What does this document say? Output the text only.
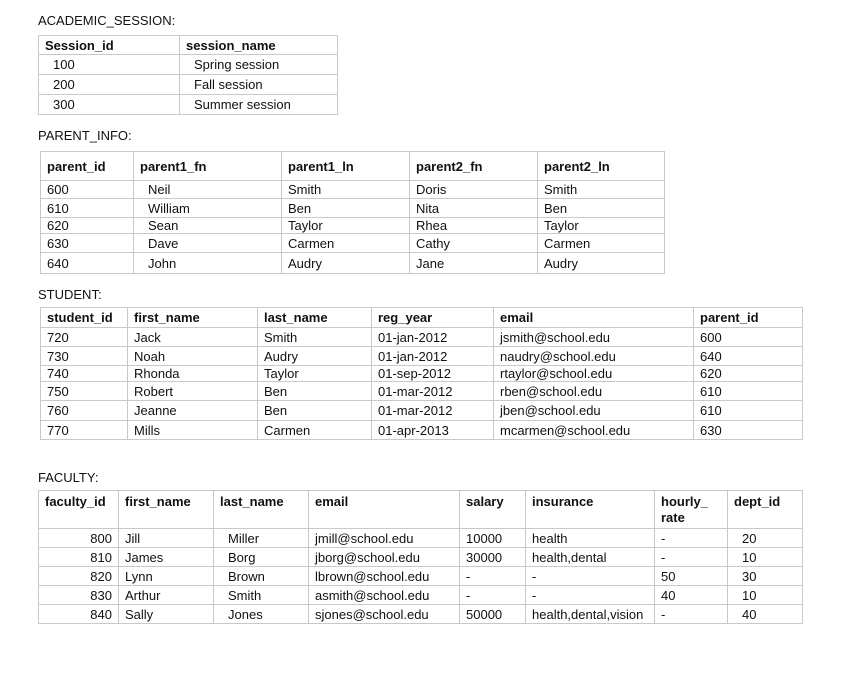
ACADEMIC_SESSION:
Session_id	session_name
100	Spring session
200	Fall session
300	Summer session
PARENT_INFO:
parent_id	parent1_fn	parent1_ln	parent2_fn	parent2_ln
600	Neil	Smith	Doris	Smith
610	William	Ben	Nita	Ben
620	Sean	Taylor	Rhea	Taylor
630	Dave	Carmen	Cathy	Carmen
640	John	Audry	Jane	Audry
STUDENT:
student_id	first_name	last_name	reg_year	email	parent_id
720	Jack	Smith	01-jan-2012	jsmith@school.edu	600
730	Noah	Audry	01-jan-2012	naudry@school.edu	640
740	Rhonda	Taylor	01-sep-2012	rtaylor@school.edu	620
750	Robert	Ben	01-mar-2012	rben@school.edu	610
760	Jeanne	Ben	01-mar-2012	jben@school.edu	610
770	Mills	Carmen	01-apr-2013	mcarmen@school.edu	630
FACULTY:
faculty_id	first_name	last_name	email	salary	insurance	hourly_ rate	dept_id
800	Jill	Miller	jmill@school.edu	10000	health	-	20
810	James	Borg	jborg@school.edu	30000	health,dental	-	10
820	Lynn	Brown	lbrown@school.edu	-	-	50	30
830	Arthur	Smith	asmith@school.edu	-	-	40	10
840	Sally	Jones	sjones@school.edu	50000	health,dental,vision	-	40
